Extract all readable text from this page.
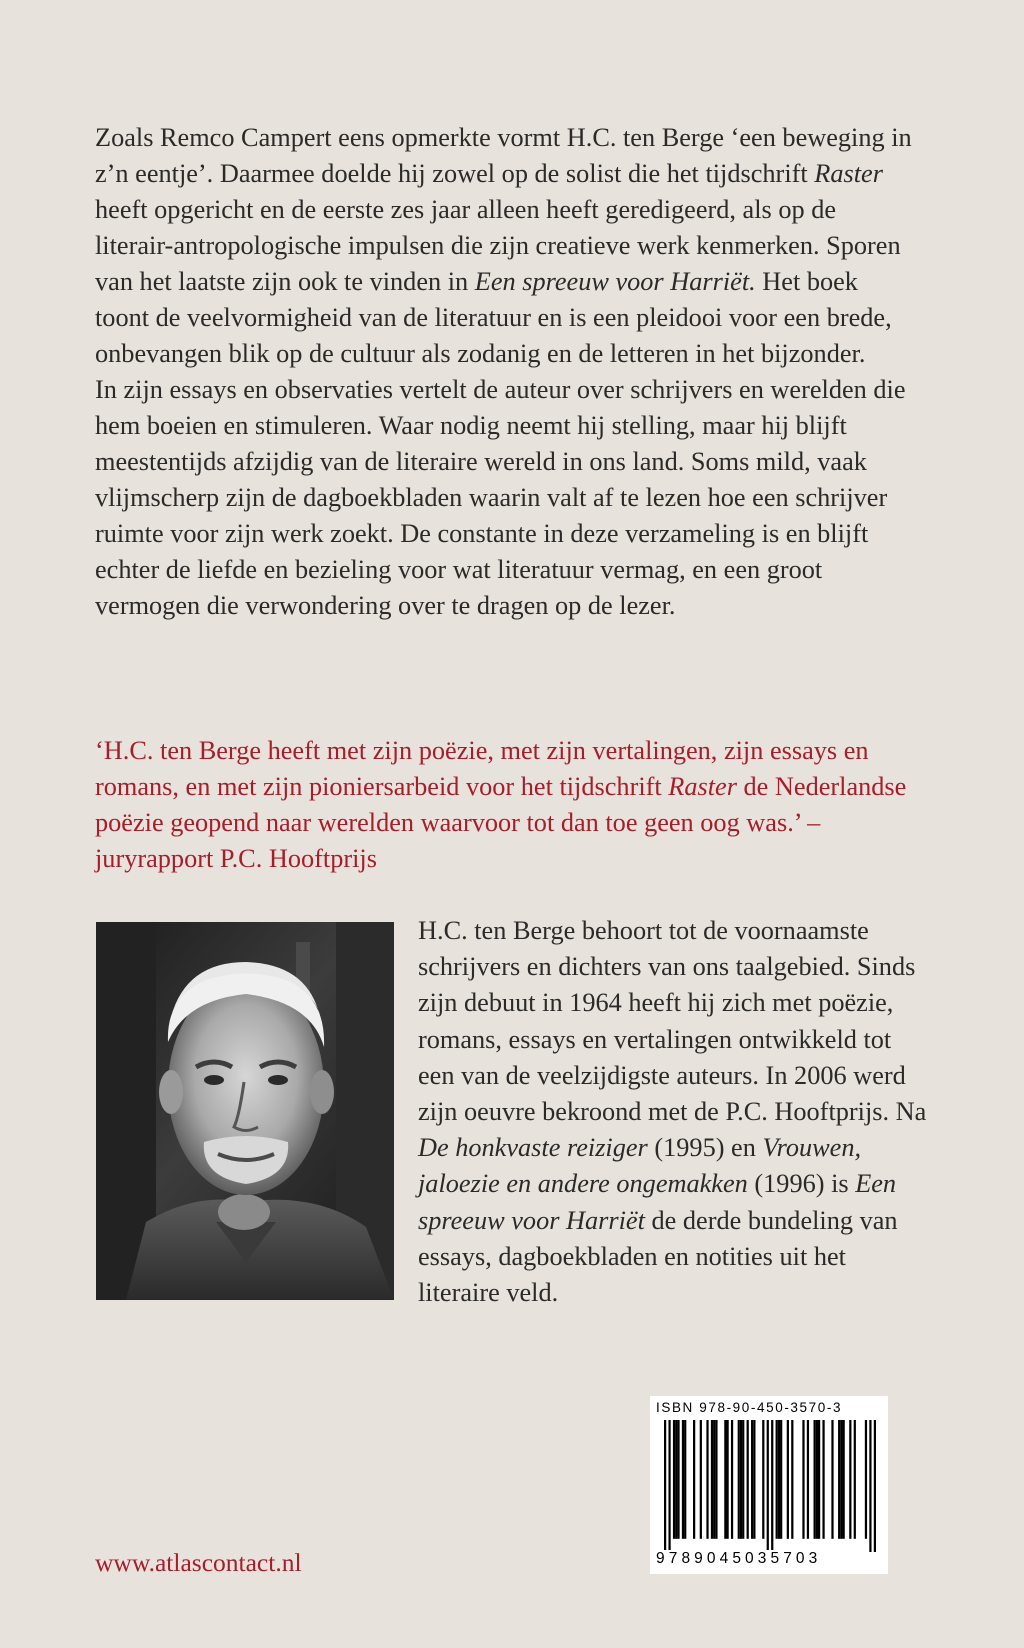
Zoals Remco Campert eens opmerkte vormt H.C. ten Berge ‘een beweging in z’n eentje’. Daarmee doelde hij zowel op de solist die het tijdschrift Raster heeft opgericht en de eerste zes jaar alleen heeft geredigeerd, als op de literair-antropologische impulsen die zijn creatieve werk kenmerken. Sporen van het laatste zijn ook te vinden in Een spreeuw voor Harriët. Het boek toont de veelvormigheid van de literatuur en is een pleidooi voor een brede, onbevangen blik op de cultuur als zodanig en de letteren in het bijzonder.
In zijn essays en observaties vertelt de auteur over schrijvers en werelden die hem boeien en stimuleren. Waar nodig neemt hij stelling, maar hij blijft meestentijds afzijdig van de literaire wereld in ons land. Soms mild, vaak vlijmscherp zijn de dagboekbladen waarin valt af te lezen hoe een schrijver ruimte voor zijn werk zoekt. De constante in deze verzameling is en blijft echter de liefde en bezieling voor wat literatuur vermag, en een groot vermogen die verwondering over te dragen op de lezer.

‘H.C. ten Berge heeft met zijn poëzie, met zijn vertalingen, zijn essays en romans, en met zijn pioniersarbeid voor het tijdschrift Raster de Nederlandse poëzie geopend naar werelden waarvoor tot dan toe geen oog was.’ – juryrapport P.C. Hooftprijs

H.C. ten Berge behoort tot de voornaamste schrijvers en dichters van ons taalgebied. Sinds zijn debuut in 1964 heeft hij zich met poëzie, romans, essays en vertalingen ontwikkeld tot een van de veelzijdigste auteurs. In 2006 werd zijn oeuvre bekroond met de P.C. Hooftprijs. Na De honkvaste reiziger (1995) en Vrouwen, jaloezie en andere ongemakken (1996) is Een spreeuw voor Harriët de derde bundeling van essays, dagboekbladen en notities uit het literaire veld.

ISBN 978-90-450-3570-3
9789045035703

www.atlascontact.nl
